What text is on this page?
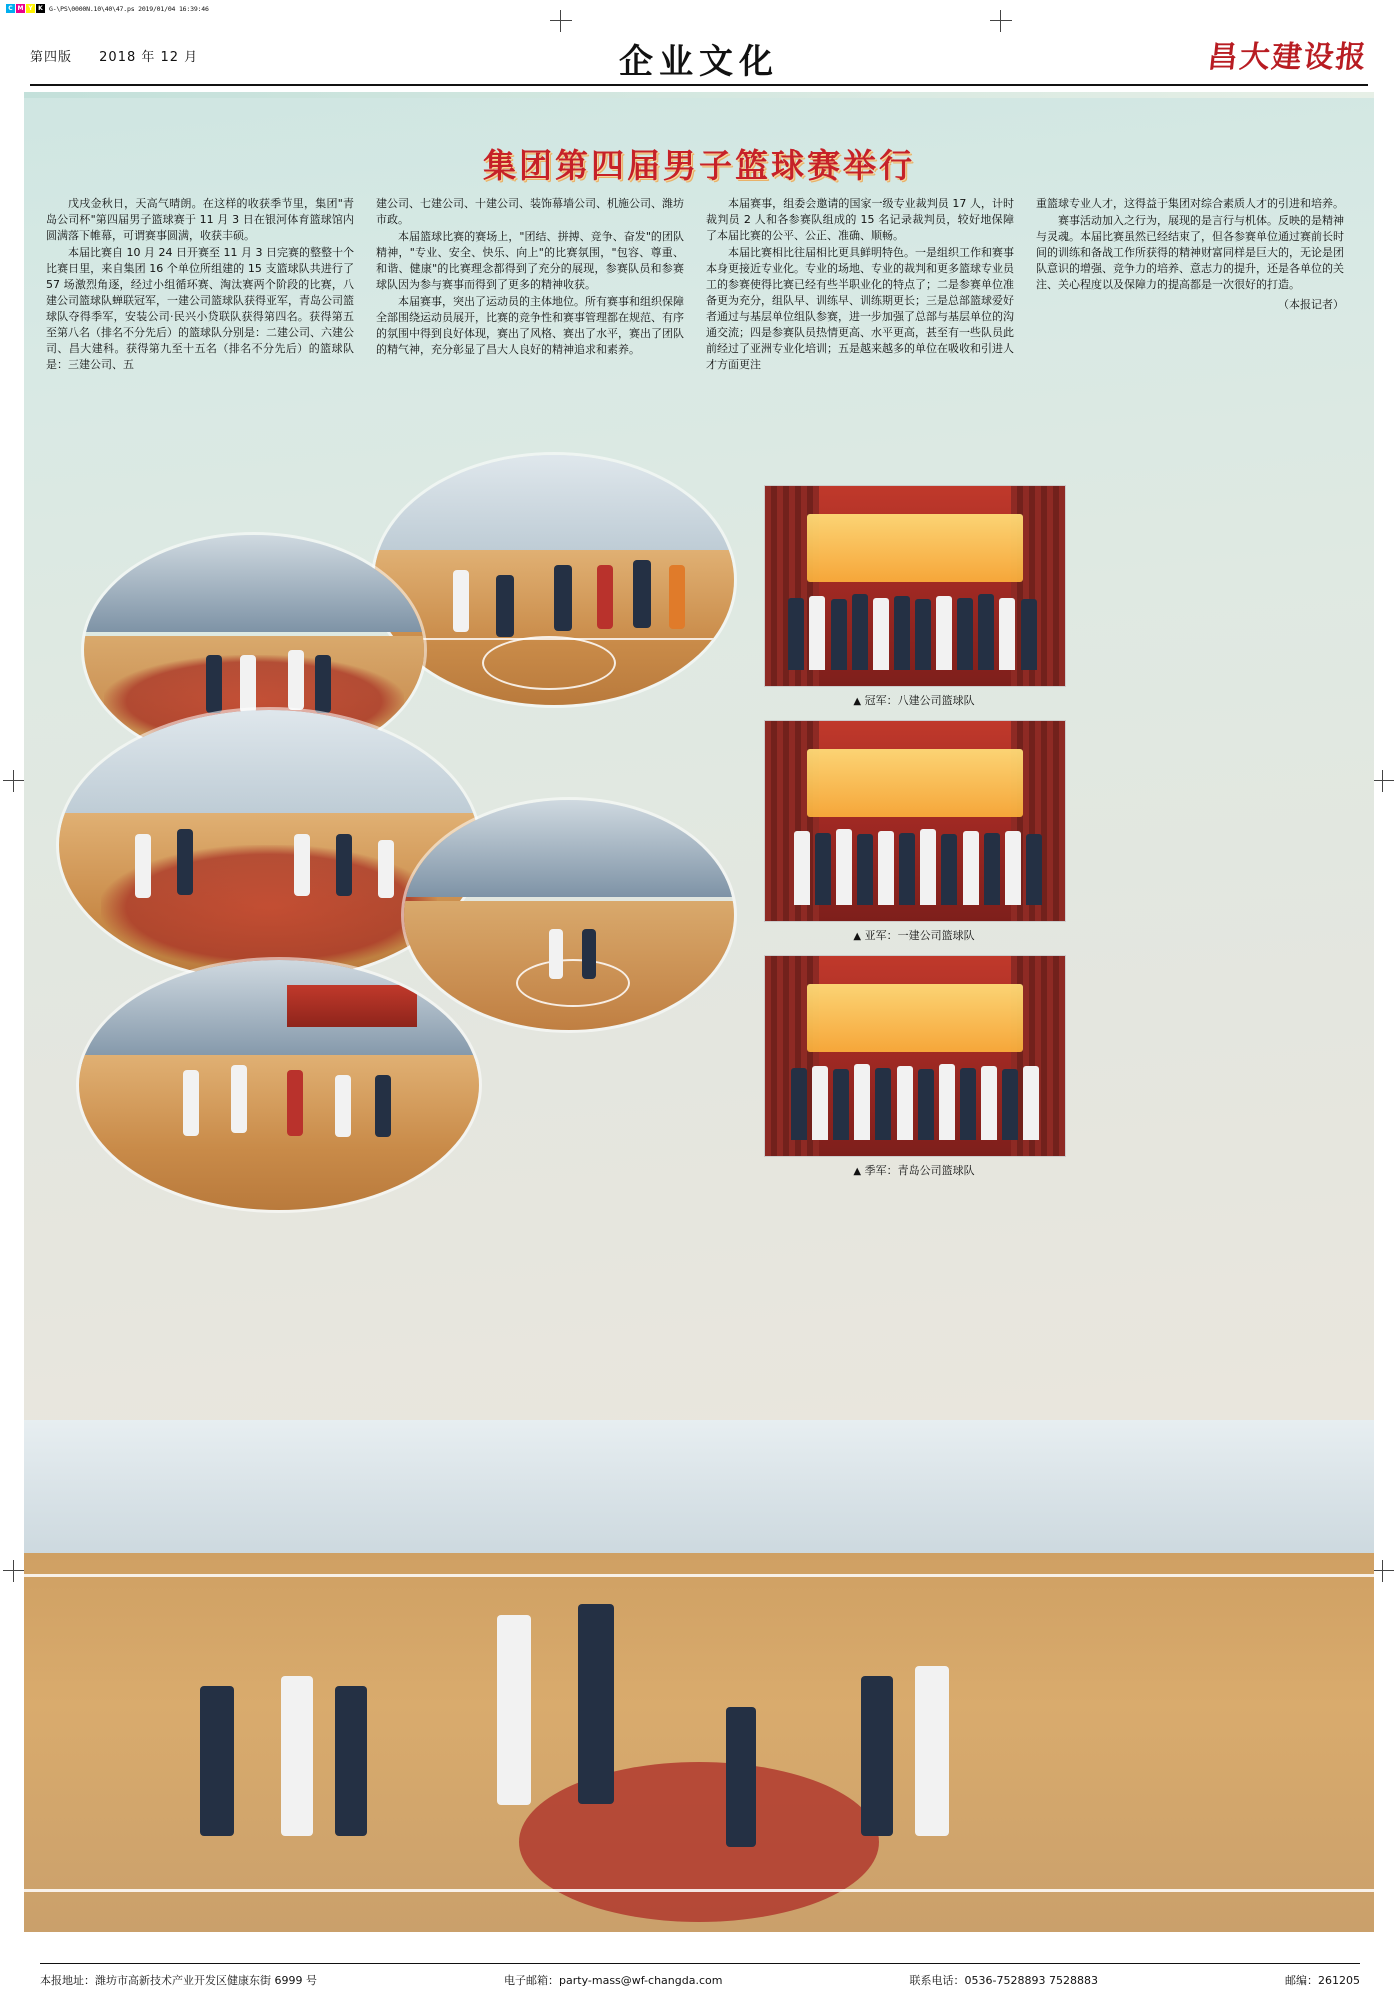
C M Y K G-\PS\0000N.10\40\47.ps 2019/01/04 16:39:46
第四版 2018 年 12 月	企业文化	昌大建设报
集团第四届男子篮球赛举行

戊戌金秋日，天高气晴朗。在这样的收获季节里，集团"青岛公司杯"第四届男子篮球赛于 11 月 3 日在银河体育篮球馆内圆满落下帷幕，可谓赛事圆满，收获丰硕。

本届比赛自 10 月 24 日开赛至 11 月 3 日完赛的整整十个比赛日里，来自集团 16 个单位所组建的 15 支篮球队共进行了 57 场激烈角逐，经过小组循环赛、淘汰赛两个阶段的比赛，八建公司篮球队蝉联冠军，一建公司篮球队获得亚军，青岛公司篮球队夺得季军，安装公司·民兴小贷联队获得第四名。获得第五至第八名（排名不分先后）的篮球队分别是：二建公司、六建公司、昌大建科。获得第九至十五名（排名不分先后）的篮球队是：三建公司、五

建公司、七建公司、十建公司、装饰幕墙公司、机施公司、潍坊市政。

本届篮球比赛的赛场上，"团结、拼搏、竞争、奋发"的团队精神，"专业、安全、快乐、向上"的比赛氛围，"包容、尊重、和谐、健康"的比赛理念都得到了充分的展现，参赛队员和参赛球队因为参与赛事而得到了更多的精神收获。

本届赛事，突出了运动员的主体地位。所有赛事和组织保障全部围绕运动员展开，比赛的竞争性和赛事管理都在规范、有序的氛围中得到良好体现，赛出了风格、赛出了水平，赛出了团队的精气神，充分彰显了昌大人良好的精神追求和素养。

本届赛事，组委会邀请的国家一级专业裁判员 17 人，计时裁判员 2 人和各参赛队组成的 15 名记录裁判员，较好地保障了本届比赛的公平、公正、准确、顺畅。

本届比赛相比往届相比更具鲜明特色。一是组织工作和赛事本身更接近专业化。专业的场地、专业的裁判和更多篮球专业员工的参赛使得比赛已经有些半职业化的特点了；二是参赛单位准备更为充分，组队早、训练早、训练期更长；三是总部篮球爱好者通过与基层单位组队参赛，进一步加强了总部与基层单位的沟通交流；四是参赛队员热情更高、水平更高，甚至有一些队员此前经过了亚洲专业化培训；五是越来越多的单位在吸收和引进人才方面更注

重篮球专业人才，这得益于集团对综合素质人才的引进和培养。

赛事活动加入之行为，展现的是言行与机体。反映的是精神与灵魂。本届比赛虽然已经结束了，但各参赛单位通过赛前长时间的训练和备战工作所获得的精神财富同样是巨大的，无论是团队意识的增强、竞争力的培养、意志力的提升，还是各单位的关注、关心程度以及保障力的提高都是一次很好的打造。

（本报记者）
▲ 冠军：八建公司篮球队
▲ 亚军：一建公司篮球队
▲ 季军：青岛公司篮球队
本报地址：潍坊市高新技术产业开发区健康东街 6999 号	电子邮箱：party-mass@wf-changda.com	联系电话：0536-7528893 7528883	邮编：261205
